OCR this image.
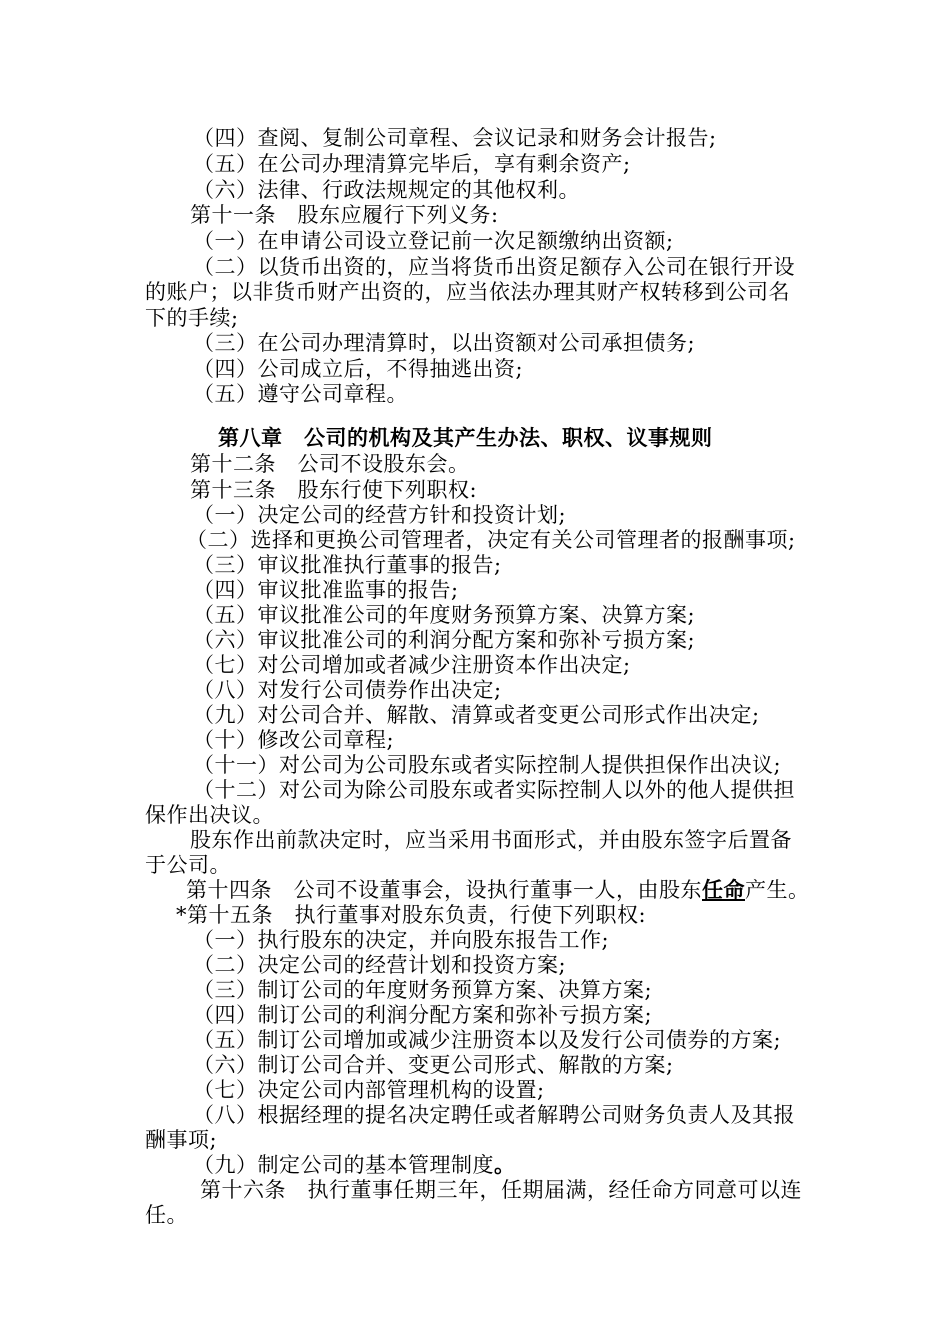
（四）查阅、复制公司章程、会议记录和财务会计报告;
（五）在公司办理清算完毕后，享有剩余资产;
（六）法律、行政法规规定的其他权利。
第十一条　股东应履行下列义务:
（一）在申请公司设立登记前一次足额缴纳出资额;
（二）以货币出资的，应当将货币出资足额存入公司在银行开设
的账户；以非货币财产出资的，应当依法办理其财产权转移到公司名
下的手续;
（三）在公司办理清算时，以出资额对公司承担债务;
（四）公司成立后，不得抽逃出资;
（五）遵守公司章程。
第八章　公司的机构及其产生办法、职权、议事规则
第十二条　公司不设股东会。
第十三条　股东行使下列职权:
（一）决定公司的经营方针和投资计划;
（二）选择和更换公司管理者，决定有关公司管理者的报酬事项;
（三）审议批准执行董事的报告;
（四）审议批准监事的报告;
（五）审议批准公司的年度财务预算方案、决算方案;
（六）审议批准公司的利润分配方案和弥补亏损方案;
（七）对公司增加或者减少注册资本作出决定;
（八）对发行公司债券作出决定;
（九）对公司合并、解散、清算或者变更公司形式作出决定;
（十）修改公司章程;
（十一）对公司为公司股东或者实际控制人提供担保作出决议;
（十二）对公司为除公司股东或者实际控制人以外的他人提供担
保作出决议。
股东作出前款决定时，应当采用书面形式，并由股东签字后置备
于公司。
第十四条　公司不设董事会，设执行董事一人，由股东任命产生。
*第十五条　执行董事对股东负责，行使下列职权:
（一）执行股东的决定，并向股东报告工作;
（二）决定公司的经营计划和投资方案;
（三）制订公司的年度财务预算方案、决算方案;
（四）制订公司的利润分配方案和弥补亏损方案;
（五）制订公司增加或减少注册资本以及发行公司债券的方案;
（六）制订公司合并、变更公司形式、解散的方案;
（七）决定公司内部管理机构的设置;
（八）根据经理的提名决定聘任或者解聘公司财务负责人及其报
酬事项;
（九）制定公司的基本管理制度。
第十六条　执行董事任期三年，任期届满，经任命方同意可以连
任。
